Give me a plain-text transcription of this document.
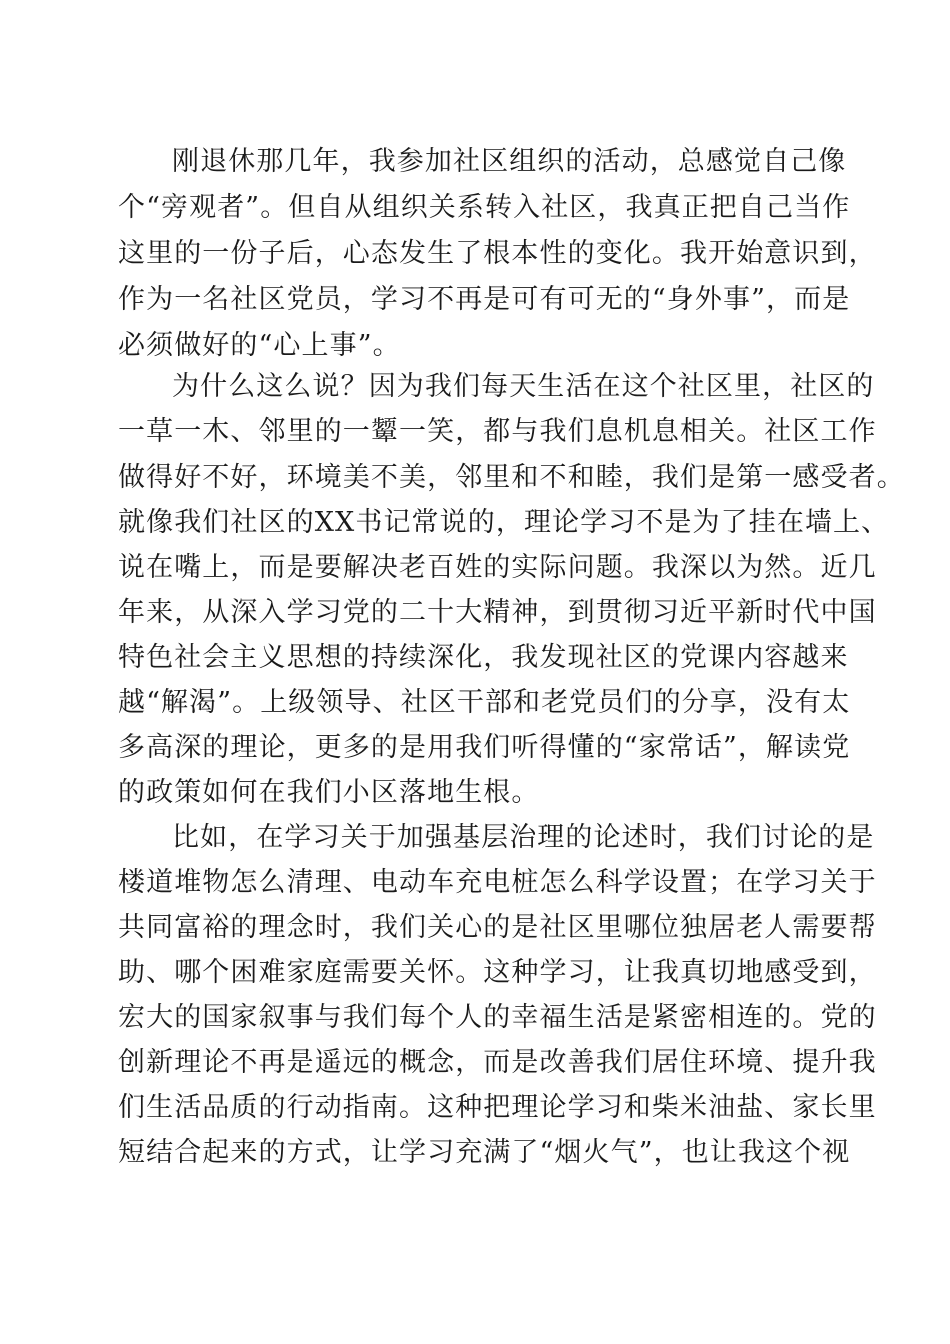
刚退休那几年，我参加社区组织的活动，总感觉自己像
个“旁观者”。但自从组织关系转入社区，我真正把自己当作
这里的一份子后，心态发生了根本性的变化。我开始意识到，
作为一名社区党员，学习不再是可有可无的“身外事”，而是
必须做好的“心上事”。
为什么这么说？因为我们每天生活在这个社区里，社区的
一草一木、邻里的一颦一笑，都与我们息机息相关。社区工作
做得好不好，环境美不美，邻里和不和睦，我们是第一感受者。
就像我们社区的XX书记常说的，理论学习不是为了挂在墙上、
说在嘴上，而是要解决老百姓的实际问题。我深以为然。近几
年来，从深入学习党的二十大精神，到贯彻习近平新时代中国
特色社会主义思想的持续深化，我发现社区的党课内容越来
越“解渴”。上级领导、社区干部和老党员们的分享，没有太
多高深的理论，更多的是用我们听得懂的“家常话”，解读党
的政策如何在我们小区落地生根。
比如，在学习关于加强基层治理的论述时，我们讨论的是
楼道堆物怎么清理、电动车充电桩怎么科学设置；在学习关于
共同富裕的理念时，我们关心的是社区里哪位独居老人需要帮
助、哪个困难家庭需要关怀。这种学习，让我真切地感受到，
宏大的国家叙事与我们每个人的幸福生活是紧密相连的。党的
创新理论不再是遥远的概念，而是改善我们居住环境、提升我
们生活品质的行动指南。这种把理论学习和柴米油盐、家长里
短结合起来的方式，让学习充满了“烟火气”，也让我这个视
